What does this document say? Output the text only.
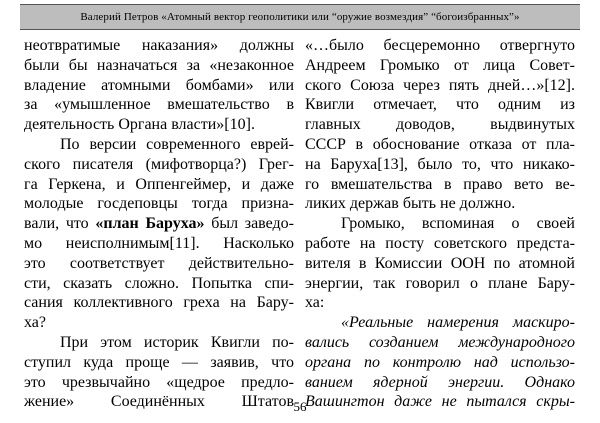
Валерий Петров «Атомный вектор геополитики или “оружие возмездия” “богоизбранных”»
неотвратимые наказания» должны
были бы назначаться за «незаконное
владение атомными бомбами» или
за «умышленное вмешательство в
деятельность Органа власти»[10].
По версии современного еврей-
ского писателя (мифотворца?) Грег-
га Геркена, и Оппенгеймер, и даже
молодые госдеповцы тогда признa-
вали, что «план Баруха» был заведо-
мо неисполнимым[11]. Насколько
это соответствует действительно-
сти, сказать сложно. Попытка спи-
сания коллективного греха на Бару-
ха?
При этом историк Квигли по-
ступил куда проще — заявив, что
это чрезвычайно «щедрое предло-
жение» Соединённых Штатов
«…было бесцеремонно отвергнуто
Андреем Громыко от лица Совет-
ского Союза через пять дней…»[12].
Квигли отмечает, что одним из
главных доводов, выдвинутых
СССР в обоснование отказа от пла-
на Баруха[13], было то, что никако-
го вмешательства в право вето ве-
ликих держав быть не должно.
Громыко, вспоминая о своей
работе на посту советского предста-
вителя в Комиссии ООН по атомной
энергии, так говорил о плане Бару-
ха:
«Реальные намерения маскиро-
вались созданием международного
органа по контролю над использо-
ванием ядерной энергии. Однако
Вашингтон даже не пытался скры-
56
